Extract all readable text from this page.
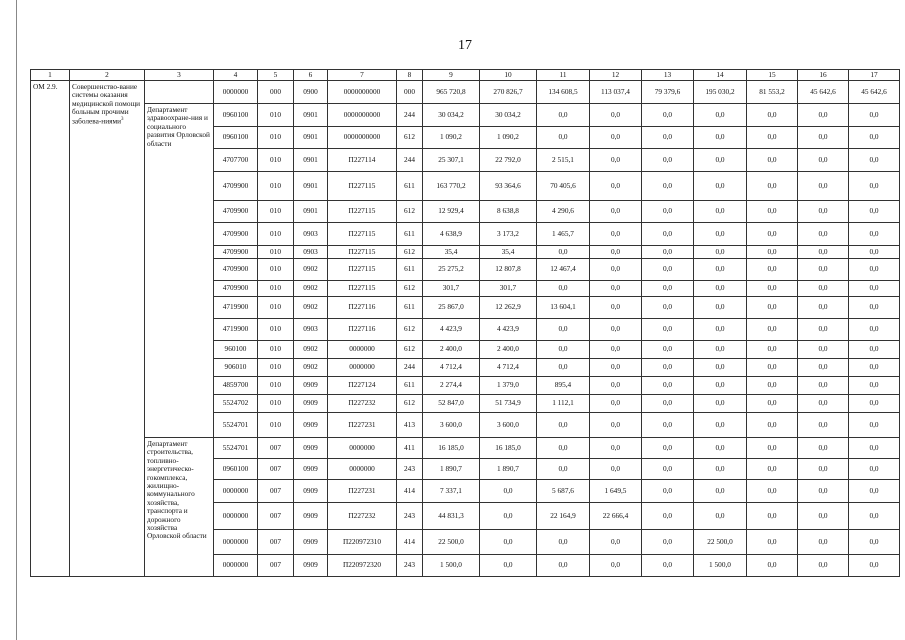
17
1	2	3	4	5	6	7	8	9	10	11	12	13	14	15	16	17
ОМ 2.9.	Совершенство-вание системы оказания медицинской помощи больным прочими заболева-ниями 3		0000000	000	0900	0000000000	000	965 720,8	270 826,7	134 608,5	113 037,4	79 379,6	195 030,2	81 553,2	45 642,6	45 642,6
		Департамент здравоохране-ния и социального развития Орловской области	0960100	010	0901	0000000000	244	30 034,2	30 034,2	0,0	0,0	0,0	0,0	0,0	0,0	0,0
			0960100	010	0901	0000000000	612	1 090,2	1 090,2	0,0	0,0	0,0	0,0	0,0	0,0	0,0
			4707700	010	0901	П227114	244	25 307,1	22 792,0	2 515,1	0,0	0,0	0,0	0,0	0,0	0,0
			4709900	010	0901	П227115	611	163 770,2	93 364,6	70 405,6	0,0	0,0	0,0	0,0	0,0	0,0
			4709900	010	0901	П227115	612	12 929,4	8 638,8	4 290,6	0,0	0,0	0,0	0,0	0,0	0,0
			4709900	010	0903	П227115	611	4 638,9	3 173,2	1 465,7	0,0	0,0	0,0	0,0	0,0	0,0
			4709900	010	0903	П227115	612	35,4	35,4	0,0	0,0	0,0	0,0	0,0	0,0	0,0
			4709900	010	0902	П227115	611	25 275,2	12 807,8	12 467,4	0,0	0,0	0,0	0,0	0,0	0,0
			4709900	010	0902	П227115	612	301,7	301,7	0,0	0,0	0,0	0,0	0,0	0,0	0,0
			4719900	010	0902	П227116	611	25 867,0	12 262,9	13 604,1	0,0	0,0	0,0	0,0	0,0	0,0
			4719900	010	0903	П227116	612	4 423,9	4 423,9	0,0	0,0	0,0	0,0	0,0	0,0	0,0
			960100	010	0902	0000000	612	2 400,0	2 400,0	0,0	0,0	0,0	0,0	0,0	0,0	0,0
			906010	010	0902	0000000	244	4 712,4	4 712,4	0,0	0,0	0,0	0,0	0,0	0,0	0,0
			4859700	010	0909	П227124	611	2 274,4	1 379,0	895,4	0,0	0,0	0,0	0,0	0,0	0,0
			5524702	010	0909	П227232	612	52 847,0	51 734,9	1 112,1	0,0	0,0	0,0	0,0	0,0	0,0
			5524701	010	0909	П227231	413	3 600,0	3 600,0	0,0	0,0	0,0	0,0	0,0	0,0	0,0
		Департамент строительства, топливно-энергетическо-гокомплекса, жилищно-коммунального хозяйства, транспорта и дорожного хозяйства Орловской области	5524701	007	0909	0000000	411	16 185,0	16 185,0	0,0	0,0	0,0	0,0	0,0	0,0	0,0
			0960100	007	0909	0000000	243	1 890,7	1 890,7	0,0	0,0	0,0	0,0	0,0	0,0	0,0
			0000000	007	0909	П227231	414	7 337,1	0,0	5 687,6	1 649,5	0,0	0,0	0,0	0,0	0,0
			0000000	007	0909	П227232	243	44 831,3	0,0	22 164,9	22 666,4	0,0	0,0	0,0	0,0	0,0
			0000000	007	0909	П220972310	414	22 500,0	0,0	0,0	0,0	0,0	22 500,0	0,0	0,0	0,0
			0000000	007	0909	П220972320	243	1 500,0	0,0	0,0	0,0	0,0	1 500,0	0,0	0,0	0,0
